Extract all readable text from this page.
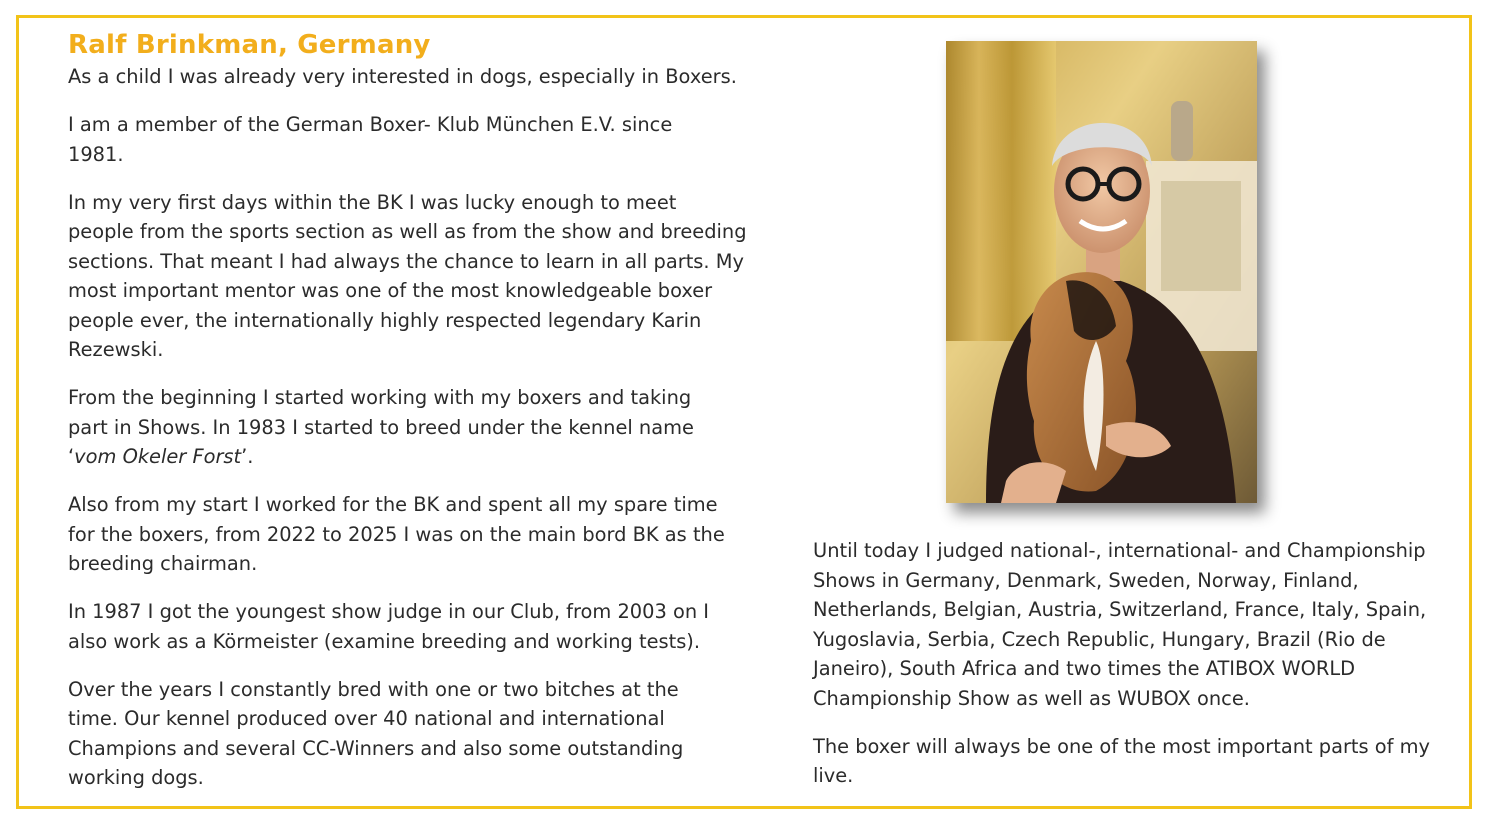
Ralf Brinkman, Germany

As a child I was already very interested in dogs, especially in Boxers.

I am a member of the German Boxer- Klub München E.V. since 1981.

In my very first days within the BK I was lucky enough to meet people from the sports section as well as from the show and breeding sections. That meant I had always the chance to learn in all parts. My most important mentor was one of the most knowledgeable boxer people ever, the internationally highly respected legendary Karin Rezewski.

From the beginning I started working with my boxers and taking part in Shows. In 1983 I started to breed under the kennel name ‘vom Okeler Forst’.

Also from my start I worked for the BK and spent all my spare time for the boxers, from 2022 to 2025 I was on the main bord BK as the breeding chairman.

In 1987 I got the youngest show judge in our Club, from 2003 on I also work as a Körmeister (examine breeding and working tests).

Over the years I constantly bred with one or two bitches at the time. Our kennel produced over 40 national and international Champions and several CC-Winners and also some outstanding working dogs.

Until today I judged national-, international- and Championship Shows in Germany, Denmark, Sweden, Norway, Finland, Netherlands, Belgian, Austria, Switzerland, France, Italy, Spain, Yugoslavia, Serbia, Czech Republic, Hungary, Brazil (Rio de Janeiro), South Africa and two times the ATIBOX WORLD Championship Show as well as WUBOX once.

The boxer will always be one of the most important parts of my live.
